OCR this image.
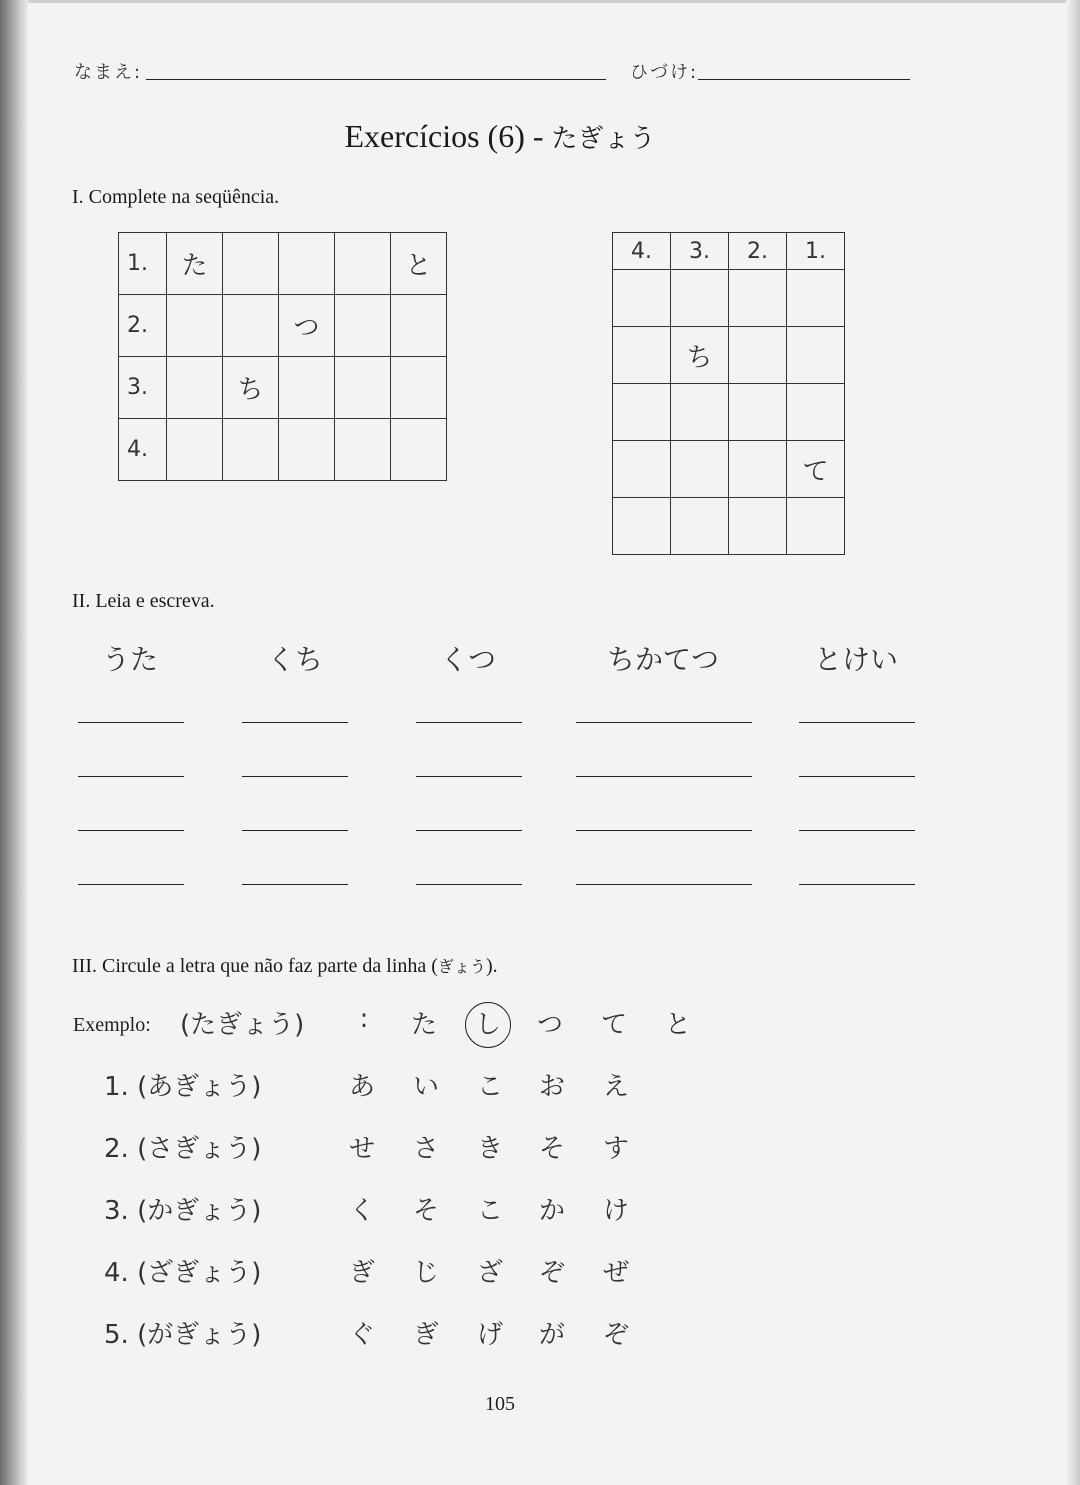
なまえ:	ひづけ:
Exercícios (6) - たぎょう
I. Complete na seqüência.
1.	た				と
2.			つ		
3.		ち			
4.					
4.	3.	2.	1.

	ち		

			て

II. Leia e escreva.
うた	くち	くつ	ちかてつ	とけい
III. Circule a letra que não faz parte da linha (ぎょう).
Exemplo: (たぎょう)	た し つ て と
:
1. (あぎょう)	あ い こ お え
2. (さぎょう)	せ さ き そ す
3. (かぎょう)	く そ こ か け
4. (ざぎょう)	ぎ じ ざ ぞ ぜ
5. (がぎょう)	ぐ ぎ げ が ぞ
105
